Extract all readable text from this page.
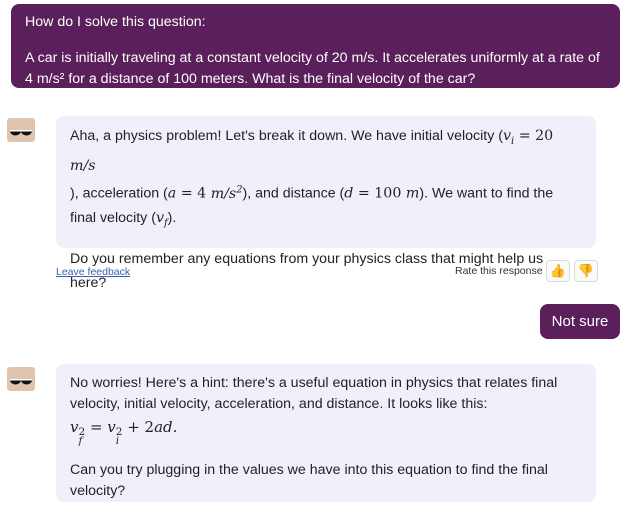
How do I solve this question:

A car is initially traveling at a constant velocity of 20 m/s. It accelerates uniformly at a rate of 4 m/s² for a distance of 100 meters. What is the final velocity of the car?

Aha, a physics problem! Let's break it down. We have initial velocity ($v_i = 20$ m/s
), acceleration (a = 4 $m/s^2$), and distance (d = 100 m). We want to find the final velocity $(v_f)$.

Do you remember any equations from your physics class that might help us here?

Leave feedback	Rate this response 👍 👎
Not sure

No worries! Here's a hint: there's a useful equation in physics that relates final velocity, initial velocity, acceleration, and distance. It looks like this:

v 2
f
= v 2
i
+ 2ad.

Can you try plugging in the values we have into this equation to find the final velocity?
